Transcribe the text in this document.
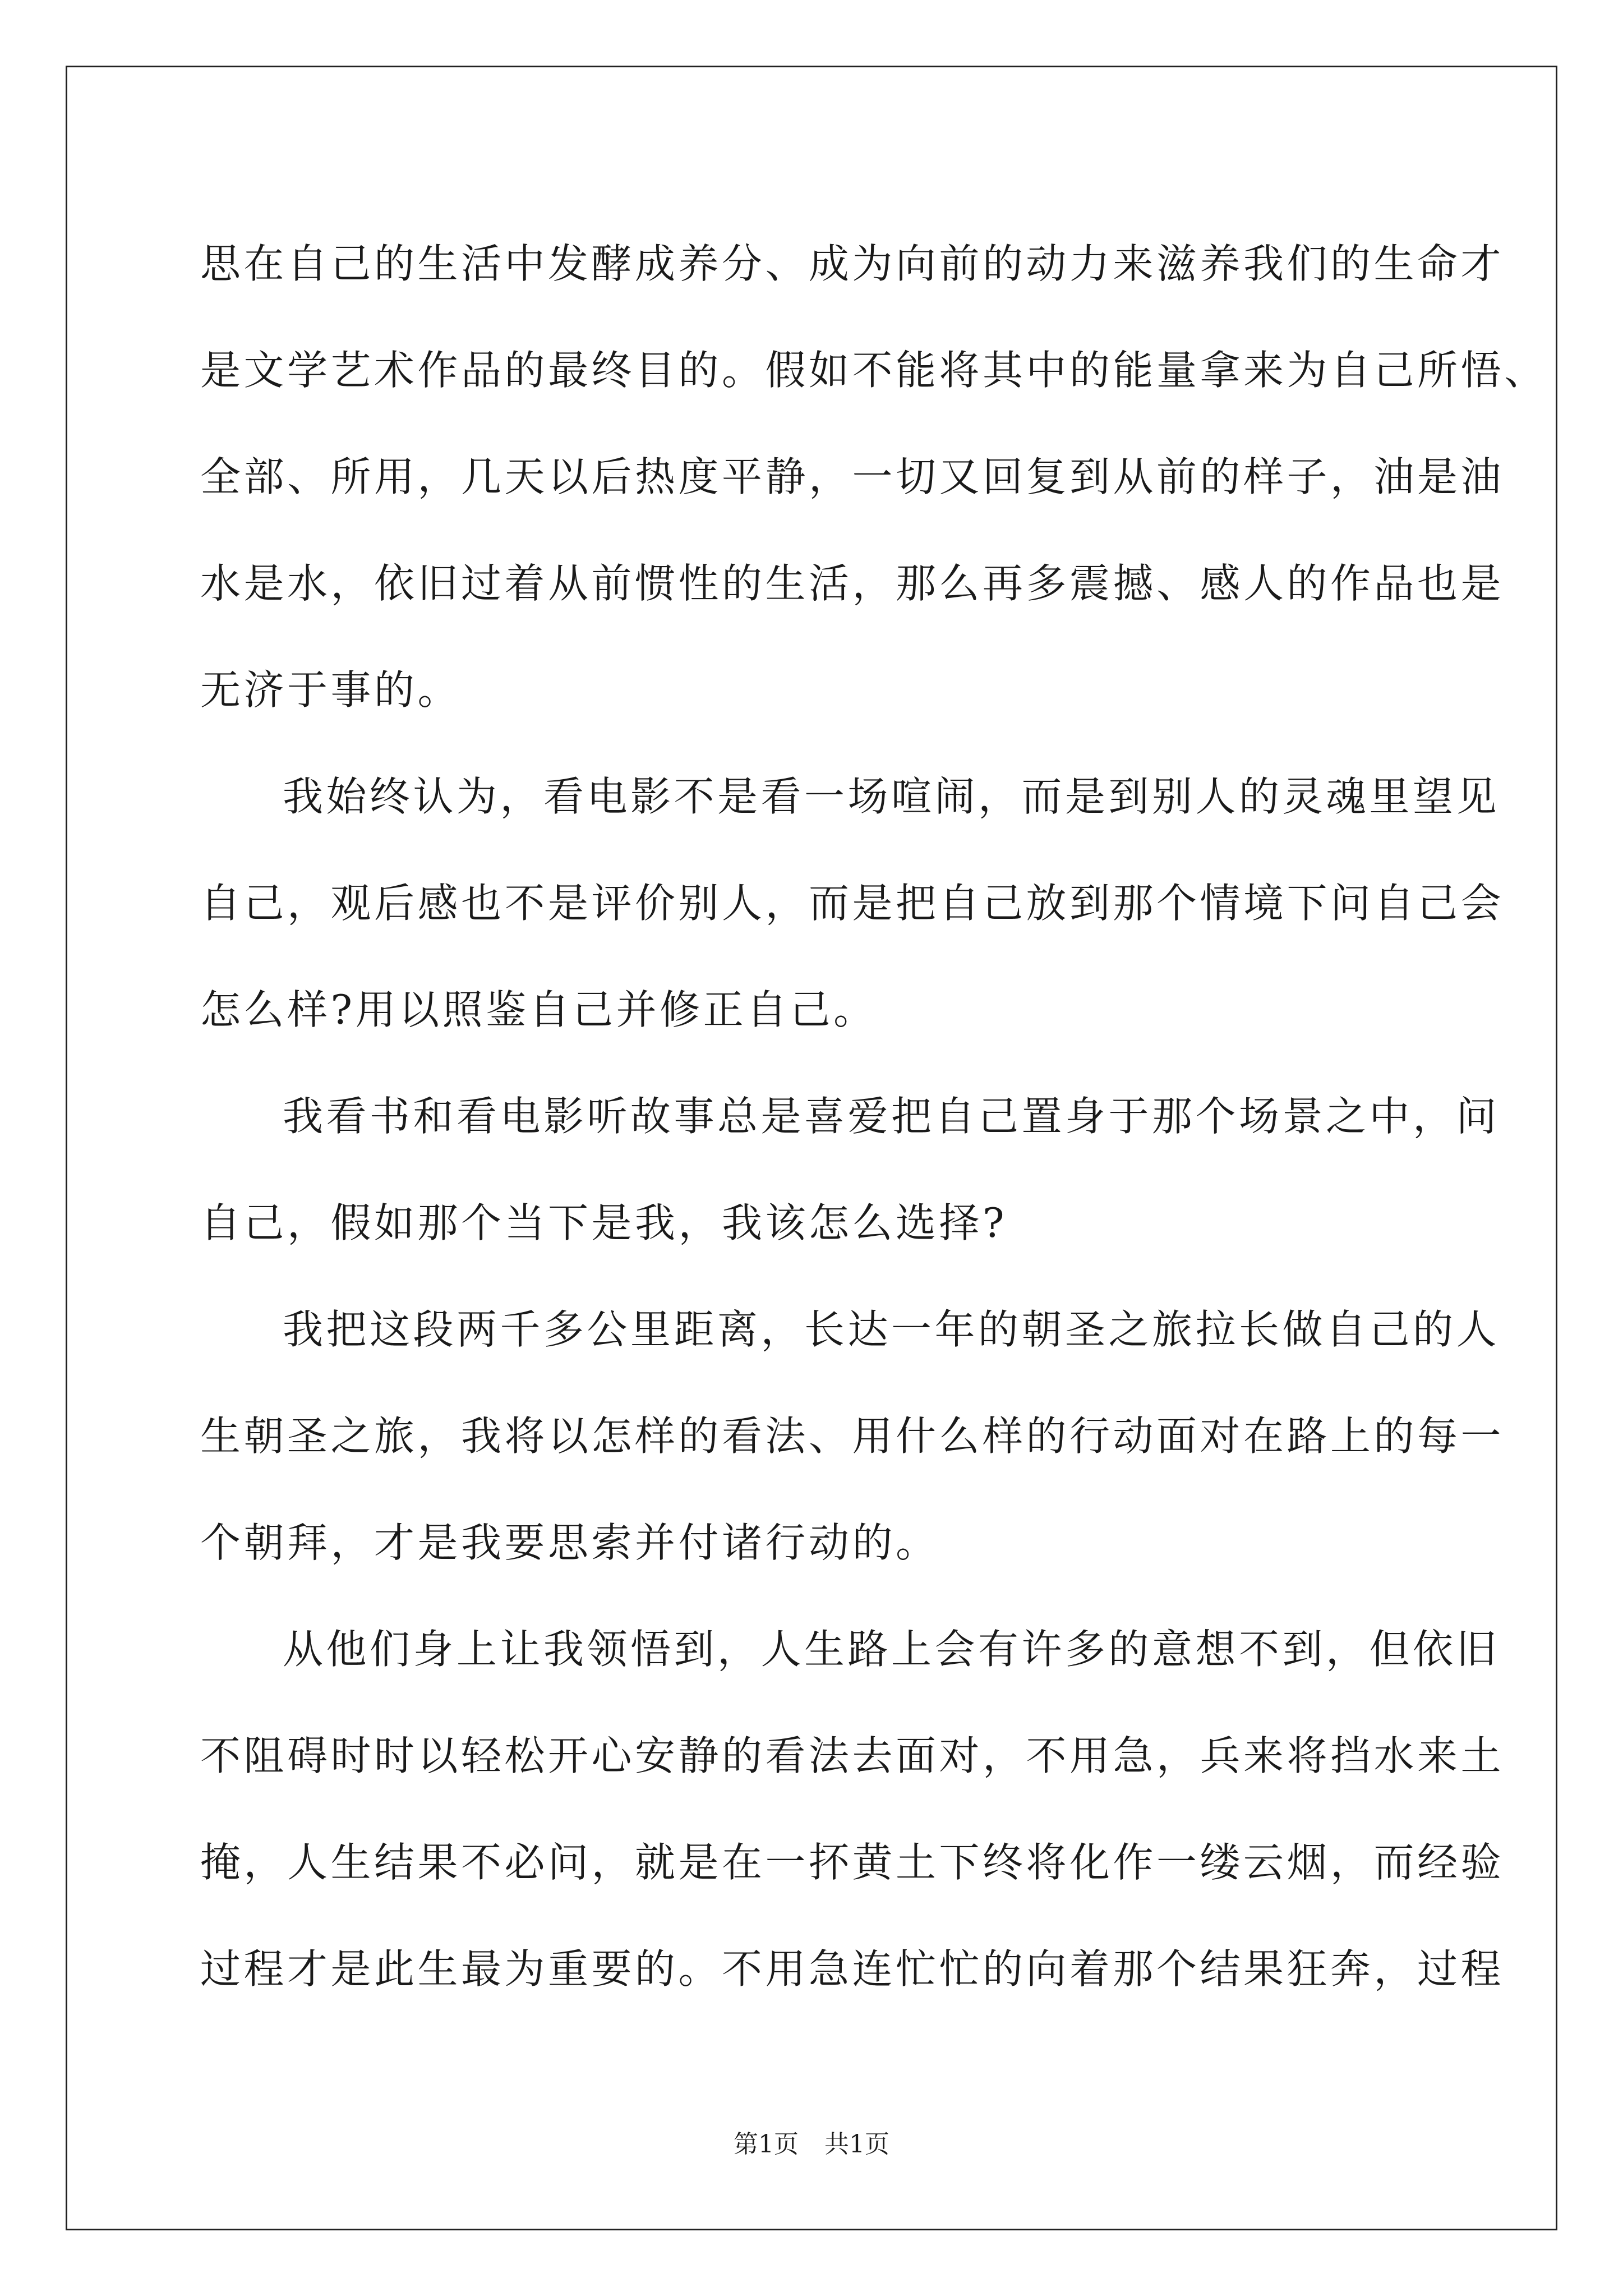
思在自己的生活中发酵成养分、成为向前的动力来滋养我们的生命才
是文学艺术作品的最终目的。假如不能将其中的能量拿来为自己所悟、
全部、所用，几天以后热度平静，一切又回复到从前的样子，油是油
水是水，依旧过着从前惯性的生活，那么再多震撼、感人的作品也是
无济于事的。
我始终认为，看电影不是看一场喧闹，而是到别人的灵魂里望见
自己，观后感也不是评价别人，而是把自己放到那个情境下问自己会
怎么样?用以照鉴自己并修正自己。
我看书和看电影听故事总是喜爱把自己置身于那个场景之中，问
自己，假如那个当下是我，我该怎么选择?
我把这段两千多公里距离，长达一年的朝圣之旅拉长做自己的人
生朝圣之旅，我将以怎样的看法、用什么样的行动面对在路上的每一
个朝拜，才是我要思索并付诸行动的。
从他们身上让我领悟到，人生路上会有许多的意想不到，但依旧
不阻碍时时以轻松开心安静的看法去面对，不用急，兵来将挡水来土
掩，人生结果不必问，就是在一抔黄土下终将化作一缕云烟，而经验
过程才是此生最为重要的。不用急连忙忙的向着那个结果狂奔，过程
第1页 共1页
